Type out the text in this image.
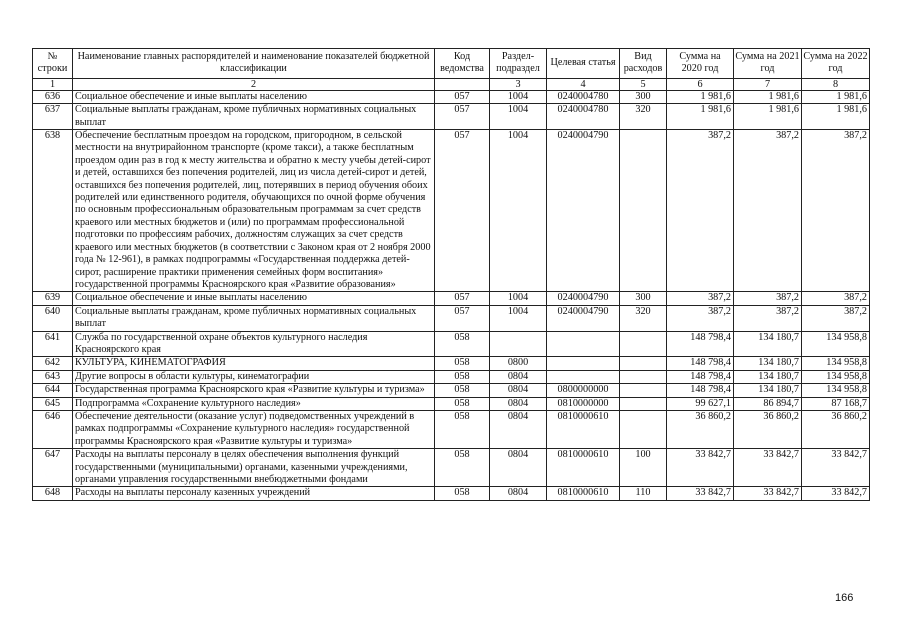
№ строки	Наименование главных распорядителей и наименование показателей бюджетной классификации	Код ведомства	Раздел-подраздел	Целевая статья	Вид расходов	Сумма на 2020 год	Сумма на 2021 год	Сумма на 2022 год
1	2		3	4	5	6	7	8
636	Социальное обеспечение и иные выплаты населению	057	1004	0240004780	300	1 981,6	1 981,6	1 981,6
637	Социальные выплаты гражданам, кроме публичных нормативных социальных выплат	057	1004	0240004780	320	1 981,6	1 981,6	1 981,6
638	Обеспечение бесплатным проездом на городском, пригородном, в сельской местности на внутрирайонном транспорте (кроме такси), а также бесплатным проездом один раз в год к месту жительства и обратно к месту учебы детей-сирот и детей, оставшихся без попечения родителей, лиц из числа детей-сирот и детей, оставшихся без попечения родителей, лиц, потерявших в период обучения обоих родителей или единственного родителя, обучающихся по очной форме обучения по основным профессиональным образовательным программам за счет средств краевого или местных бюджетов и (или) по программам профессиональной подготовки по профессиям рабочих, должностям служащих за счет средств краевого или местных бюджетов (в соответствии с Законом края от 2 ноября 2000 года № 12-961), в рамках подпрограммы «Государственная поддержка детей-сирот, расширение практики применения семейных форм воспитания» государственной программы Красноярского края «Развитие образования»	057	1004	0240004790		387,2	387,2	387,2
639	Социальное обеспечение и иные выплаты населению	057	1004	0240004790	300	387,2	387,2	387,2
640	Социальные выплаты гражданам, кроме публичных нормативных социальных выплат	057	1004	0240004790	320	387,2	387,2	387,2
641	Служба по государственной охране объектов культурного наследия Красноярского края	058				148 798,4	134 180,7	134 958,8
642	КУЛЬТУРА, КИНЕМАТОГРАФИЯ	058	0800			148 798,4	134 180,7	134 958,8
643	Другие вопросы в области культуры, кинематографии	058	0804			148 798,4	134 180,7	134 958,8
644	Государственная программа Красноярского края «Развитие культуры и туризма»	058	0804	0800000000		148 798,4	134 180,7	134 958,8
645	Подпрограмма «Сохранение культурного наследия»	058	0804	0810000000		99 627,1	86 894,7	87 168,7
646	Обеспечение деятельности (оказание услуг) подведомственных учреждений в рамках подпрограммы «Сохранение культурного наследия» государственной программы Красноярского края «Развитие культуры и туризма»	058	0804	0810000610		36 860,2	36 860,2	36 860,2
647	Расходы на выплаты персоналу в целях обеспечения выполнения функций государственными (муниципальными) органами, казенными учреждениями, органами управления государственными внебюджетными фондами	058	0804	0810000610	100	33 842,7	33 842,7	33 842,7
648	Расходы на выплаты персоналу казенных учреждений	058	0804	0810000610	110	33 842,7	33 842,7	33 842,7
166
